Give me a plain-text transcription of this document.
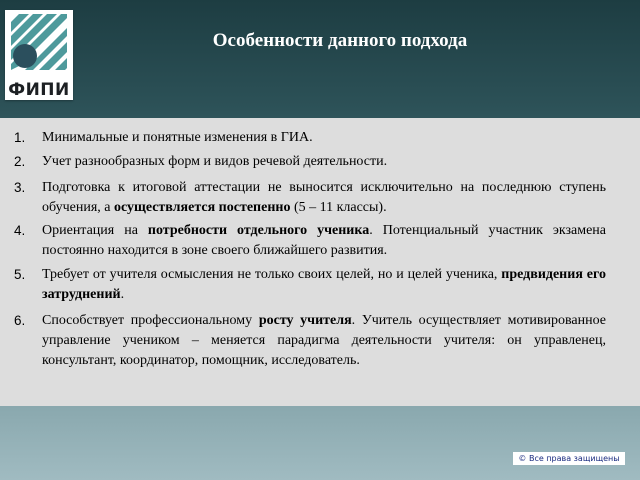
ФИПИ
Особенности данного подхода
1. Минимальные и понятные изменения в ГИА.
2. Учет разнообразных форм и видов речевой деятельности.
3. Подготовка к итоговой аттестации не выносится исключительно на последнюю ступень обучения, а осуществляется постепенно (5 – 11 классы).
4. Ориентация на потребности отдельного ученика. Потенциальный участник экзамена постоянно находится в зоне своего ближайшего развития.
5. Требует от учителя осмысления не только своих целей, но и целей ученика, предвидения его затруднений.
6. Способствует профессиональному росту учителя. Учитель осуществляет мотивированное управление учеником – меняется парадигма деятельности учителя: он управленец, консультант, координатор, помощник, исследователь.
© Все права защищены
